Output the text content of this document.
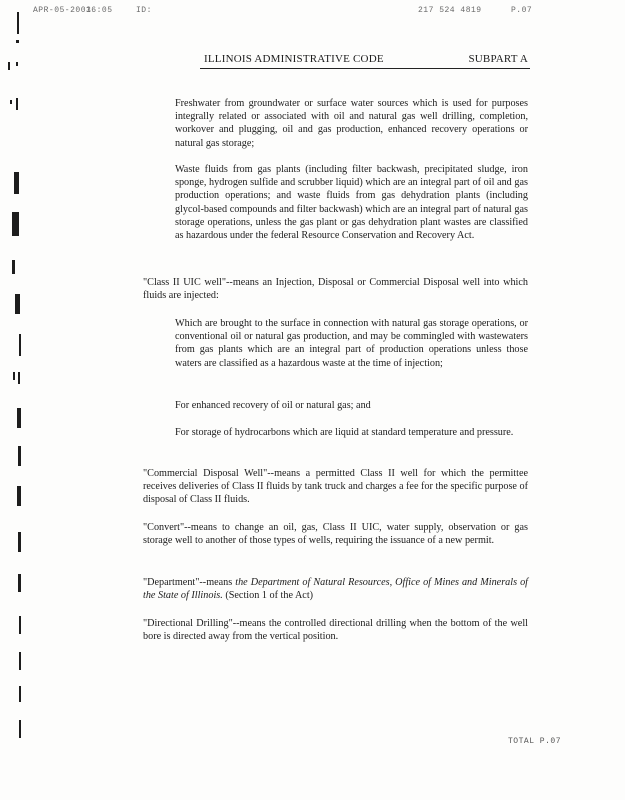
APR-05-2003
16:05	ID:	217 524 4819	P.07
ILLINOIS ADMINISTRATIVE CODE	SUBPART A

Freshwater from groundwater or surface water sources which is used for purposes integrally related or associated with oil and natural gas well drilling, completion, workover and plugging, oil and gas production, enhanced recovery operations or natural gas storage;

Waste fluids from gas plants (including filter backwash, precipitated sludge, iron sponge, hydrogen sulfide and scrubber liquid) which are an integral part of oil and gas production operations; and waste fluids from gas dehydration plants (including glycol-based compounds and filter backwash) which are an integral part of natural gas storage operations, unless the gas plant or gas dehydration plant wastes are classified as hazardous under the federal Resource Conservation and Recovery Act.

"Class II UIC well"--means an Injection, Disposal or Commercial Disposal well into which fluids are injected:

Which are brought to the surface in connection with natural gas storage operations, or conventional oil or natural gas production, and may be commingled with wastewaters from gas plants which are an integral part of production operations unless those waters are classified as a hazardous waste at the time of injection;

For enhanced recovery of oil or natural gas; and

For storage of hydrocarbons which are liquid at standard temperature and pressure.

"Commercial Disposal Well"--means a permitted Class II well for which the permittee receives deliveries of Class II fluids by tank truck and charges a fee for the specific purpose of disposal of Class II fluids.

"Convert"--means to change an oil, gas, Class II UIC, water supply, observation or gas storage well to another of those types of wells, requiring the issuance of a new permit.

"Department"--means the Department of Natural Resources, Office of Mines and Minerals of the State of Illinois. (Section 1 of the Act)

"Directional Drilling"--means the controlled directional drilling when the bottom of the well bore is directed away from the vertical position.

TOTAL P.07
